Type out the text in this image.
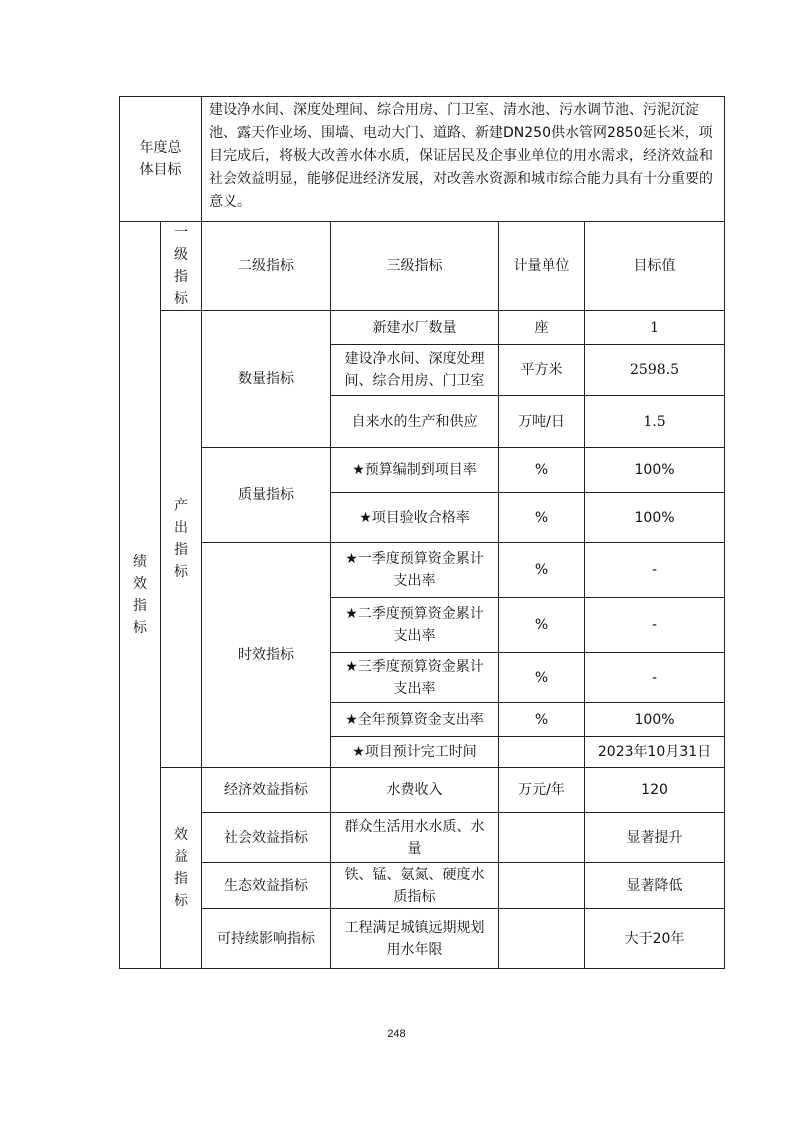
年度总体目标		建设净水间、深度处理间、综合用房、门卫室、清水池、污水调节池、污泥沉淀池、露天作业场、围墙、电动大门、道路、新建DN250供水管网2850延长米，项目完成后，将极大改善水体水质，保证居民及企事业单位的用水需求，经济效益和社会效益明显，能够促进经济发展，对改善水资源和城市综合能力具有十分重要的意义。			
绩效指标	一级指标	二级指标	三级指标	计量单位	目标值
	产出指标	数量指标	新建水厂数量	座	1
			建设净水间、深度处理间、综合用房、门卫室	平方米	2598.5
			自来水的生产和供应	万吨/日	1.5
		质量指标	★预算编制到项目率	%	100%
			★项目验收合格率	%	100%
		时效指标	★一季度预算资金累计支出率	%	-
			★二季度预算资金累计支出率	%	-
			★三季度预算资金累计支出率	%	-
			★全年预算资金支出率	%	100%
			★项目预计完工时间		2023年10月31日
	效益指标	经济效益指标	水费收入	万元/年	120
		社会效益指标	群众生活用水水质、水量		显著提升
		生态效益指标	铁、锰、氨氮、硬度水质指标		显著降低
		可持续影响指标	工程满足城镇远期规划用水年限		大于20年
248
